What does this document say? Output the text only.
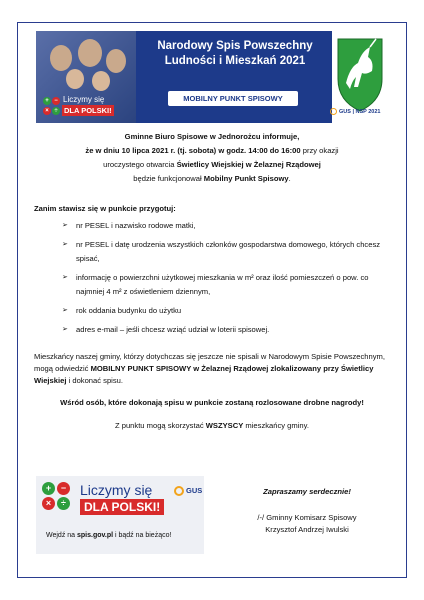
Narodowy Spis Powszechny
Ludności i Mieszkań 2021
MOBILNY PUNKT SPISOWY
+ −
× ÷
Liczymy się
DLA POLSKI!	GUS | NSP 2021
Gminne Biuro Spisowe w Jednorożcu informuje,
że w dniu 10 lipca 2021 r. (tj. sobota) w godz. 14:00 do 16:00 przy okazji
uroczystego otwarcia Świetlicy Wiejskiej w Żelaznej Rządowej
będzie funkcjonował Mobilny Punkt Spisowy.
Zanim stawisz się w punkcie przygotuj:
➢ nr PESEL i nazwisko rodowe matki,
➢ nr PESEL i datę urodzenia wszystkich członków gospodarstwa domowego, których chcesz spisać,
➢ informację o powierzchni użytkowej mieszkania w m² oraz ilość pomieszczeń o pow. co najmniej 4 m² z oświetleniem dziennym,
➢ rok oddania budynku do użytku
➢ adres e-mail – jeśli chcesz wziąć udział w loterii spisowej.
Mieszkańcy naszej gminy, którzy dotychczas się jeszcze nie spisali w Narodowym Spisie Powszechnym, mogą odwiedzić MOBILNY PUNKT SPISOWY w Żelaznej Rządowej zlokalizowany przy Świetlicy Wiejskiej i dokonać spisu.
Wśród osób, które dokonają spisu w punkcie zostaną rozlosowane drobne nagrody!
Z punktu mogą skorzystać WSZYSCY mieszkańcy gminy.
+	−
×	÷
Liczymy się
DLA POLSKI!
GUS
Wejdź na spis.gov.pl i bądź na bieżąco!
Zapraszamy serdecznie!
/-/ Gminny Komisarz Spisowy
Krzysztof Andrzej Iwulski
